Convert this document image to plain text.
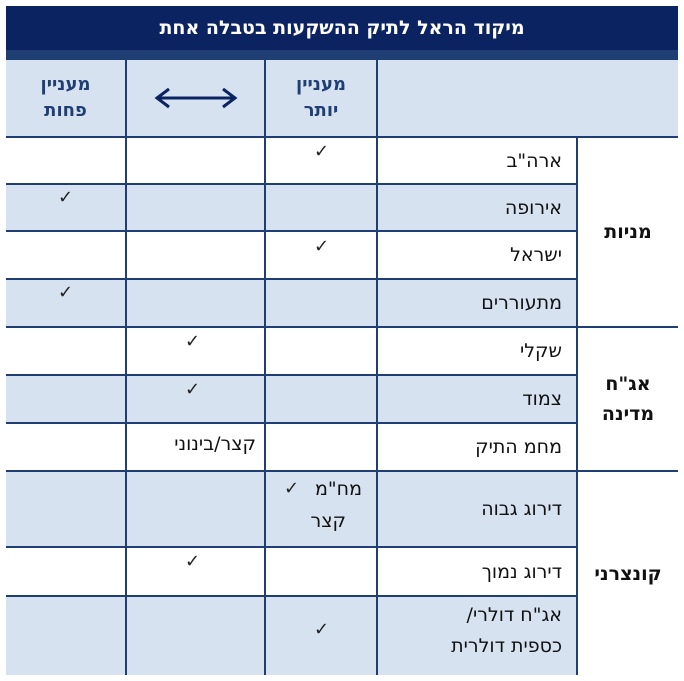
מיקוד הראל לתיק ההשקעות בטבלה אחת
מעניין יותר
מעניין פחות
מניות
אג"ח מדינה
קונצרני
ארה"ב
✓
אירופה
✓
ישראל
✓
מתעוררים
✓
שקלי
✓
צמוד
✓
מחמ התיק
קצר/בינוני
דירוג גבוה
מח"מ
✓
קצר
דירוג נמוך
✓
אג"ח דולרי/
כספית דולרית
✓
